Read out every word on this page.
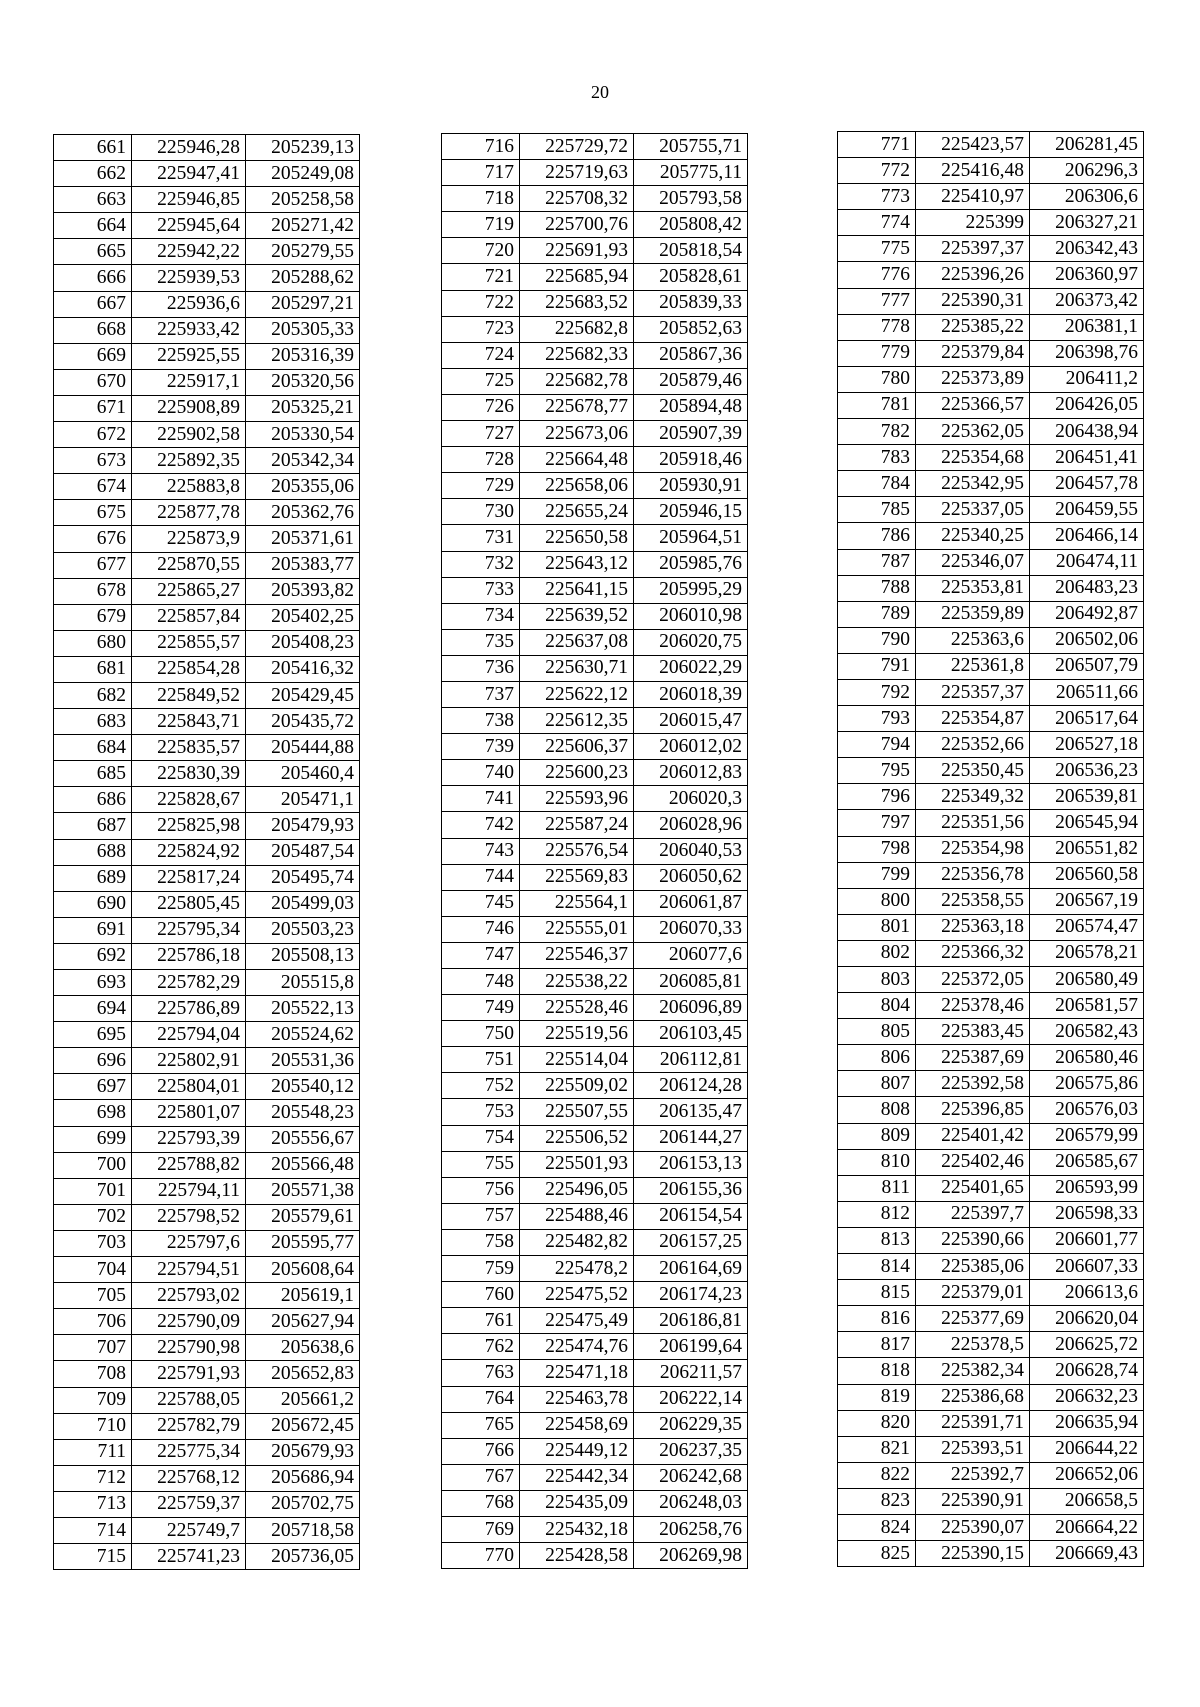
20
661	225946,28	205239,13
662	225947,41	205249,08
663	225946,85	205258,58
664	225945,64	205271,42
665	225942,22	205279,55
666	225939,53	205288,62
667	225936,6	205297,21
668	225933,42	205305,33
669	225925,55	205316,39
670	225917,1	205320,56
671	225908,89	205325,21
672	225902,58	205330,54
673	225892,35	205342,34
674	225883,8	205355,06
675	225877,78	205362,76
676	225873,9	205371,61
677	225870,55	205383,77
678	225865,27	205393,82
679	225857,84	205402,25
680	225855,57	205408,23
681	225854,28	205416,32
682	225849,52	205429,45
683	225843,71	205435,72
684	225835,57	205444,88
685	225830,39	205460,4
686	225828,67	205471,1
687	225825,98	205479,93
688	225824,92	205487,54
689	225817,24	205495,74
690	225805,45	205499,03
691	225795,34	205503,23
692	225786,18	205508,13
693	225782,29	205515,8
694	225786,89	205522,13
695	225794,04	205524,62
696	225802,91	205531,36
697	225804,01	205540,12
698	225801,07	205548,23
699	225793,39	205556,67
700	225788,82	205566,48
701	225794,11	205571,38
702	225798,52	205579,61
703	225797,6	205595,77
704	225794,51	205608,64
705	225793,02	205619,1
706	225790,09	205627,94
707	225790,98	205638,6
708	225791,93	205652,83
709	225788,05	205661,2
710	225782,79	205672,45
711	225775,34	205679,93
712	225768,12	205686,94
713	225759,37	205702,75
714	225749,7	205718,58
715	225741,23	205736,05
716	225729,72	205755,71
717	225719,63	205775,11
718	225708,32	205793,58
719	225700,76	205808,42
720	225691,93	205818,54
721	225685,94	205828,61
722	225683,52	205839,33
723	225682,8	205852,63
724	225682,33	205867,36
725	225682,78	205879,46
726	225678,77	205894,48
727	225673,06	205907,39
728	225664,48	205918,46
729	225658,06	205930,91
730	225655,24	205946,15
731	225650,58	205964,51
732	225643,12	205985,76
733	225641,15	205995,29
734	225639,52	206010,98
735	225637,08	206020,75
736	225630,71	206022,29
737	225622,12	206018,39
738	225612,35	206015,47
739	225606,37	206012,02
740	225600,23	206012,83
741	225593,96	206020,3
742	225587,24	206028,96
743	225576,54	206040,53
744	225569,83	206050,62
745	225564,1	206061,87
746	225555,01	206070,33
747	225546,37	206077,6
748	225538,22	206085,81
749	225528,46	206096,89
750	225519,56	206103,45
751	225514,04	206112,81
752	225509,02	206124,28
753	225507,55	206135,47
754	225506,52	206144,27
755	225501,93	206153,13
756	225496,05	206155,36
757	225488,46	206154,54
758	225482,82	206157,25
759	225478,2	206164,69
760	225475,52	206174,23
761	225475,49	206186,81
762	225474,76	206199,64
763	225471,18	206211,57
764	225463,78	206222,14
765	225458,69	206229,35
766	225449,12	206237,35
767	225442,34	206242,68
768	225435,09	206248,03
769	225432,18	206258,76
770	225428,58	206269,98
771	225423,57	206281,45
772	225416,48	206296,3
773	225410,97	206306,6
774	225399	206327,21
775	225397,37	206342,43
776	225396,26	206360,97
777	225390,31	206373,42
778	225385,22	206381,1
779	225379,84	206398,76
780	225373,89	206411,2
781	225366,57	206426,05
782	225362,05	206438,94
783	225354,68	206451,41
784	225342,95	206457,78
785	225337,05	206459,55
786	225340,25	206466,14
787	225346,07	206474,11
788	225353,81	206483,23
789	225359,89	206492,87
790	225363,6	206502,06
791	225361,8	206507,79
792	225357,37	206511,66
793	225354,87	206517,64
794	225352,66	206527,18
795	225350,45	206536,23
796	225349,32	206539,81
797	225351,56	206545,94
798	225354,98	206551,82
799	225356,78	206560,58
800	225358,55	206567,19
801	225363,18	206574,47
802	225366,32	206578,21
803	225372,05	206580,49
804	225378,46	206581,57
805	225383,45	206582,43
806	225387,69	206580,46
807	225392,58	206575,86
808	225396,85	206576,03
809	225401,42	206579,99
810	225402,46	206585,67
811	225401,65	206593,99
812	225397,7	206598,33
813	225390,66	206601,77
814	225385,06	206607,33
815	225379,01	206613,6
816	225377,69	206620,04
817	225378,5	206625,72
818	225382,34	206628,74
819	225386,68	206632,23
820	225391,71	206635,94
821	225393,51	206644,22
822	225392,7	206652,06
823	225390,91	206658,5
824	225390,07	206664,22
825	225390,15	206669,43
